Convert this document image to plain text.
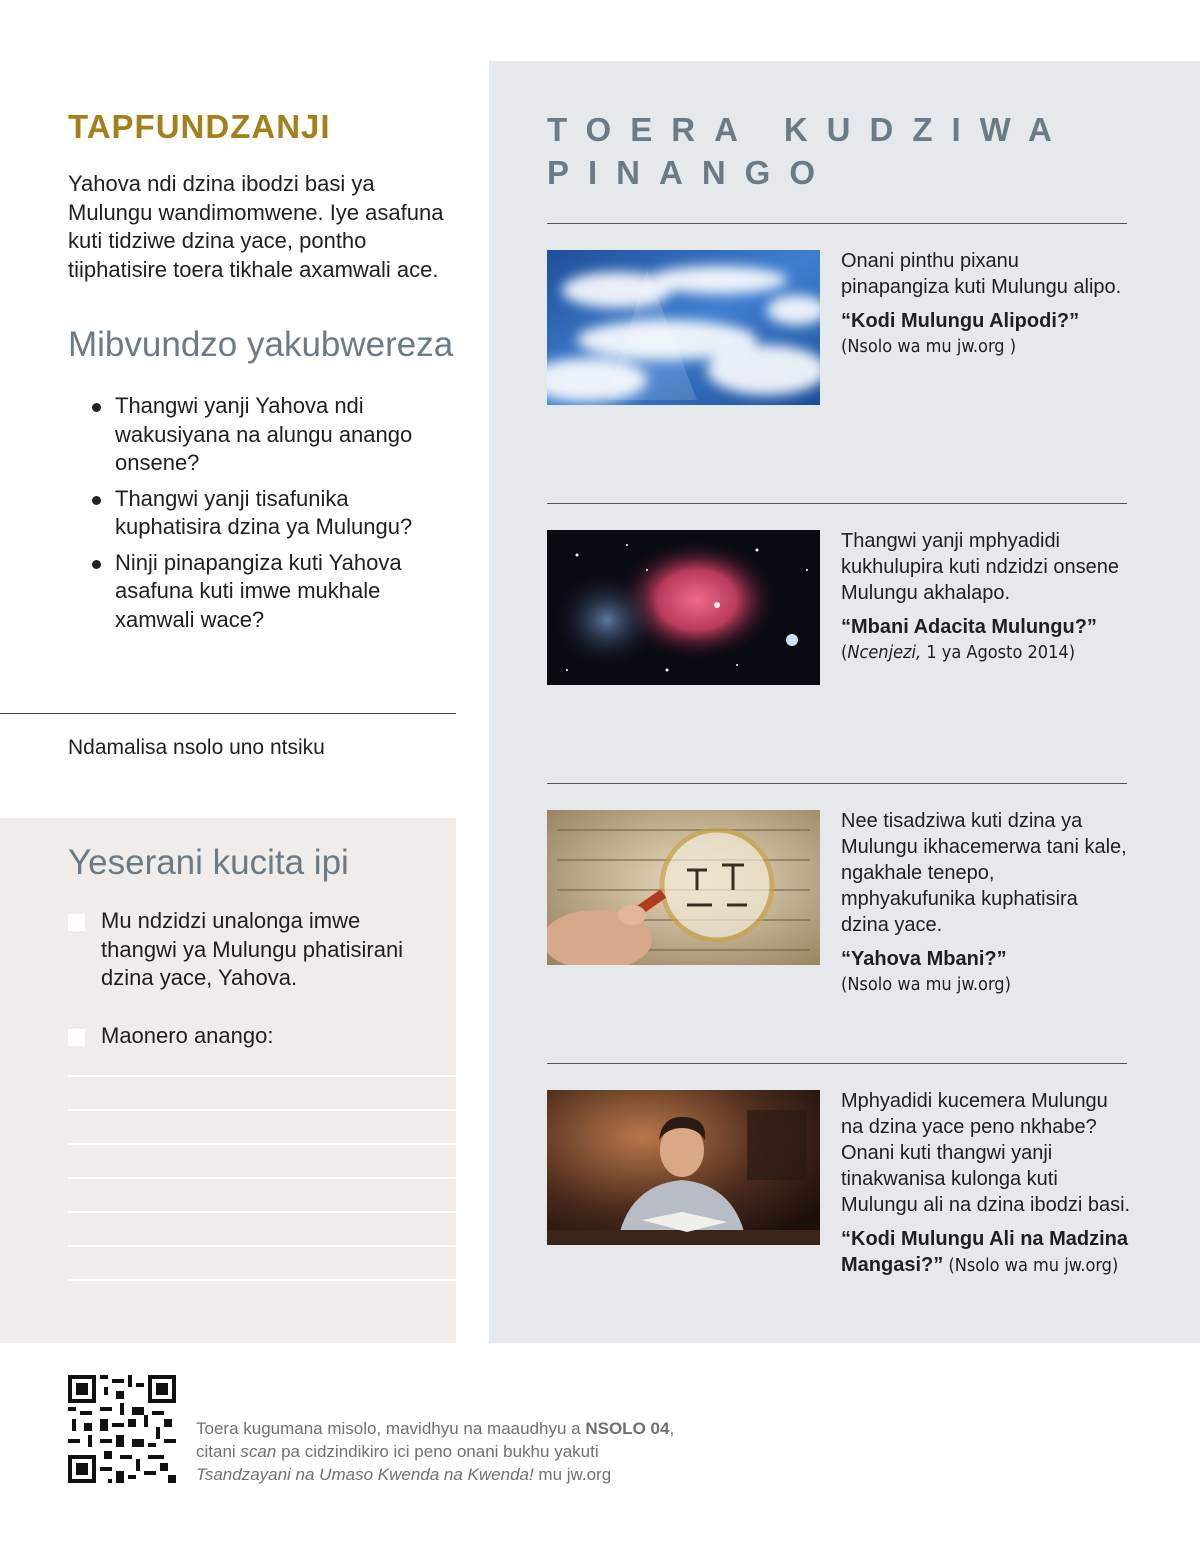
TAPFUNDZANJI
Yahova ndi dzina ibodzi basi ya Mulungu wandimomwene. Iye asafuna kuti tidziwe dzina yace, pontho tiiphatisire toera tikhale axamwali ace.
Mibvundzo yakubwereza
Thangwi yanji Yahova ndi wakusiyana na alungu anango onsene?
Thangwi yanji tisafunika kuphatisira dzina ya Mulungu?
Ninji pinapangiza kuti Yahova asafuna kuti imwe mukhale xamwali wace?
Ndamalisa nsolo uno ntsiku
Yeserani kucita ipi
Mu ndzidzi unalonga imwe thangwi ya Mulungu phatisirani dzina yace, Yahova.
Maonero anango:
TOERA KUDZIWA PINANGO
Onani pinthu pixanu pinapangiza kuti Mulungu alipo.
“Kodi Mulungu Alipodi?”
(Nsolo wa mu jw.org )
Thangwi yanji mphyadidi kukhulupira kuti ndzidzi onsene Mulungu akhalapo.
“Mbani Adacita Mulungu?”
(Ncenjezi, 1 ya Agosto 2014)
Nee tisadziwa kuti dzina ya Mulungu ikhacemerwa tani kale, ngakhale tenepo, mphyakufunika kuphatisira dzina yace.
“Yahova Mbani?”
(Nsolo wa mu jw.org)
Mphyadidi kucemera Mulungu na dzina yace peno nkhabe? Onani kuti thangwi yanji tinakwanisa kulonga kuti Mulungu ali na dzina ibodzi basi.
“Kodi Mulungu Ali na Madzina Mangasi?” (Nsolo wa mu jw.org)
Toera kugumana misolo, mavidhyu na maaudhyu a NSOLO 04,
citani scan pa cidzindikiro ici peno onani bukhu yakuti
Tsandzayani na Umaso Kwenda na Kwenda! mu jw.org
